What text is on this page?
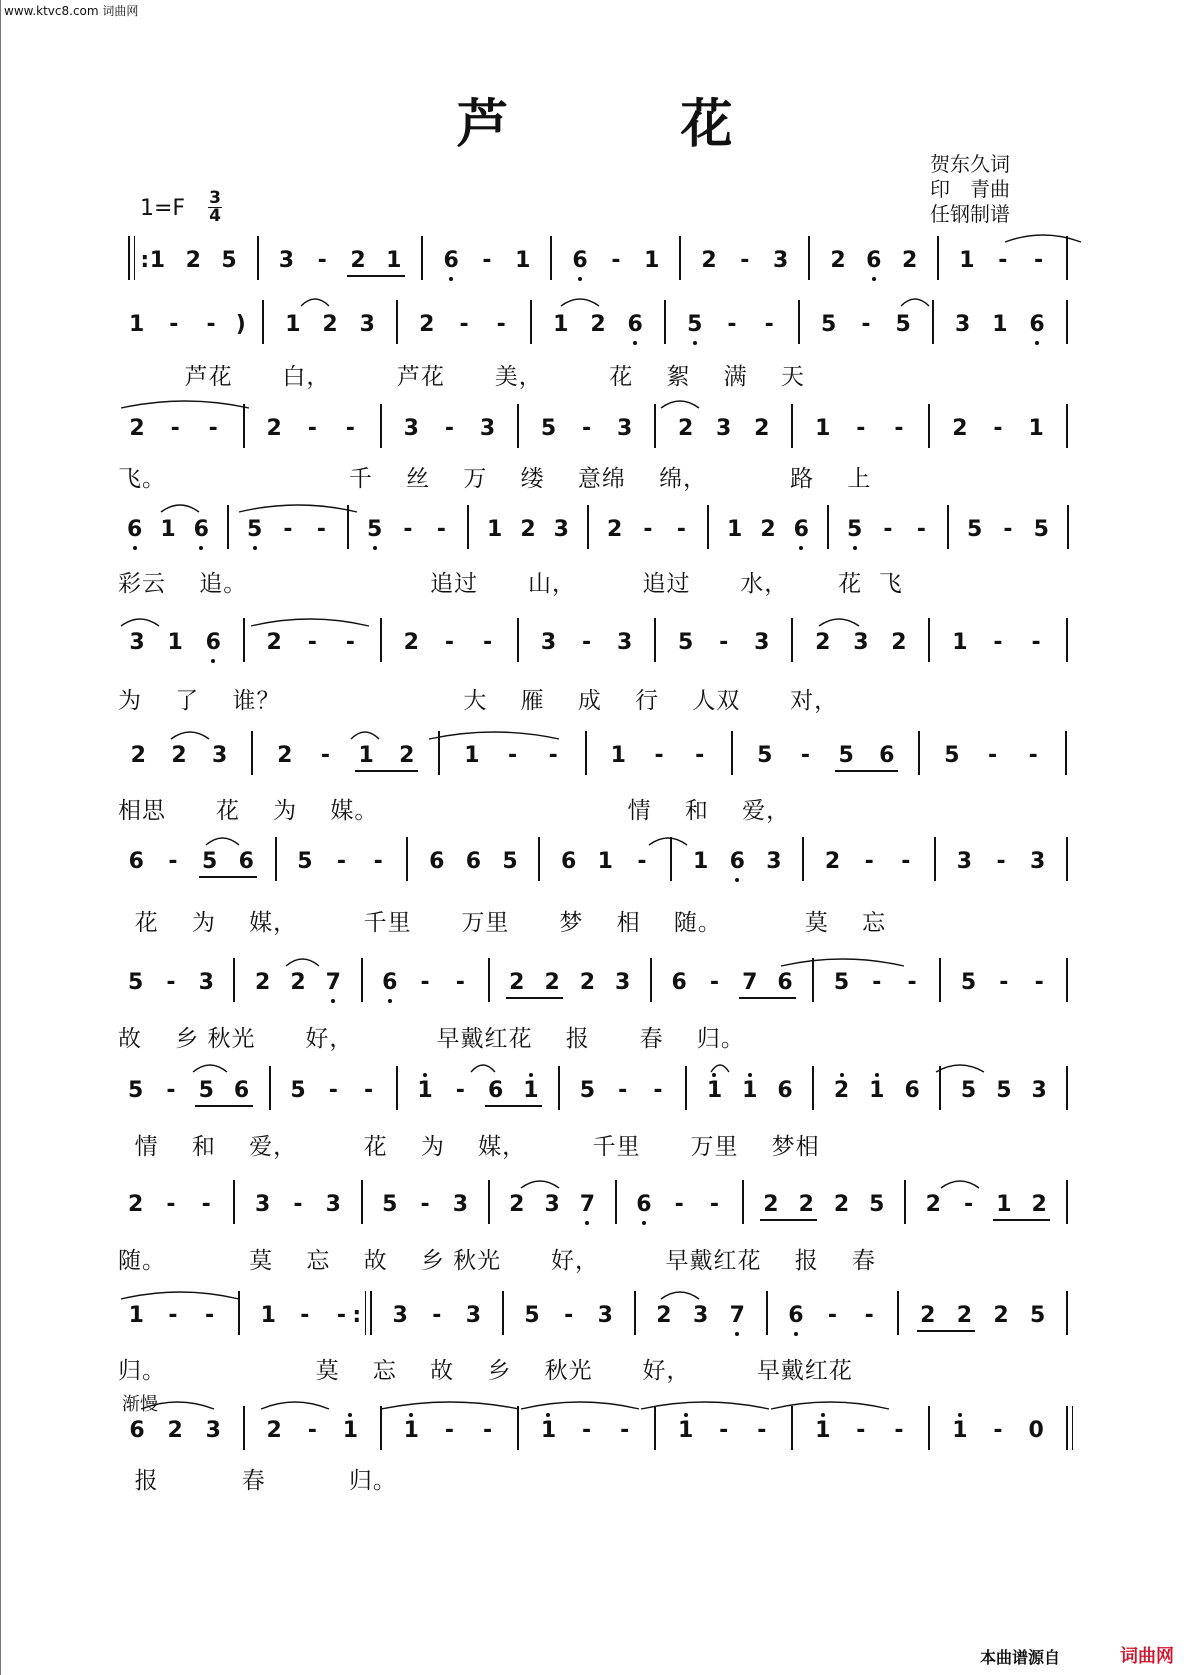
www.ktvc8.com 词曲网
芦　花
贺东久词
印　青曲
任钢制谱
1=F 3
4
渐慢
: 1 2 5 3 - 2 1 6 - 1 6 - 1 2 - 3 2 6 2 1 - -
1 - - ) 1 2 3 2 - - 1 2 6 5 - - 5 - 5 3 1 6
芦花      白，        芦花      美，        花    絮    满    天
2 - - 2 - - 3 - 3 5 - 3 2 3 2 1 - - 2 - 1
飞。                      千    丝    万    缕    意绵    绵，          路    上
6 1 6 5 - - 5 - - 1 2 3 2 - - 1 2 6 5 - - 5 - 5
彩云    追。                      追过      山，        追过      水，      花  飞
3 1 6 2 - - 2 - - 3 - 3 5 - 3 2 3 2 1 - -
为    了    谁？                      大    雁    成    行    人双      对，
2 2 3 2 - 1 2 1 - - 1 - - 5 - 5 6 5 - -
相思      花    为    媒。                              情    和    爱，
6 - 5 6 5 - - 6 6 5 6 1 - 1 6 3 2 - - 3 - 3
花    为    媒，        千里      万里      梦    相    随。          莫    忘
5 - 3 2 2 7 6 - - 2 2 2 3 6 - 7 6 5 - - 5 - -
故    乡 秋光      好，          早戴红花    报      春    归。
5 - 5 6 5 - - 1 - 6 1 5 - - 1 1 6 2 1 6 5 5 3
情    和    爱，        花    为    媒，        千里      万里    梦相
2 - - 3 - 3 5 - 3 2 3 7 6 - - 2 2 2 5 2 - 1 2
随。          莫    忘    故    乡 秋光      好，        早戴红花    报    春
1 - - 1 - - : 3 - 3 5 - 3 2 3 7 6 - - 2 2 2 5
归。                  莫    忘    故    乡    秋光      好，        早戴红花
6 2 3 2 - 1 1 - - 1 - - 1 - - 1 - - 1 - 0
报          春          归。
本曲谱源自	词曲网
